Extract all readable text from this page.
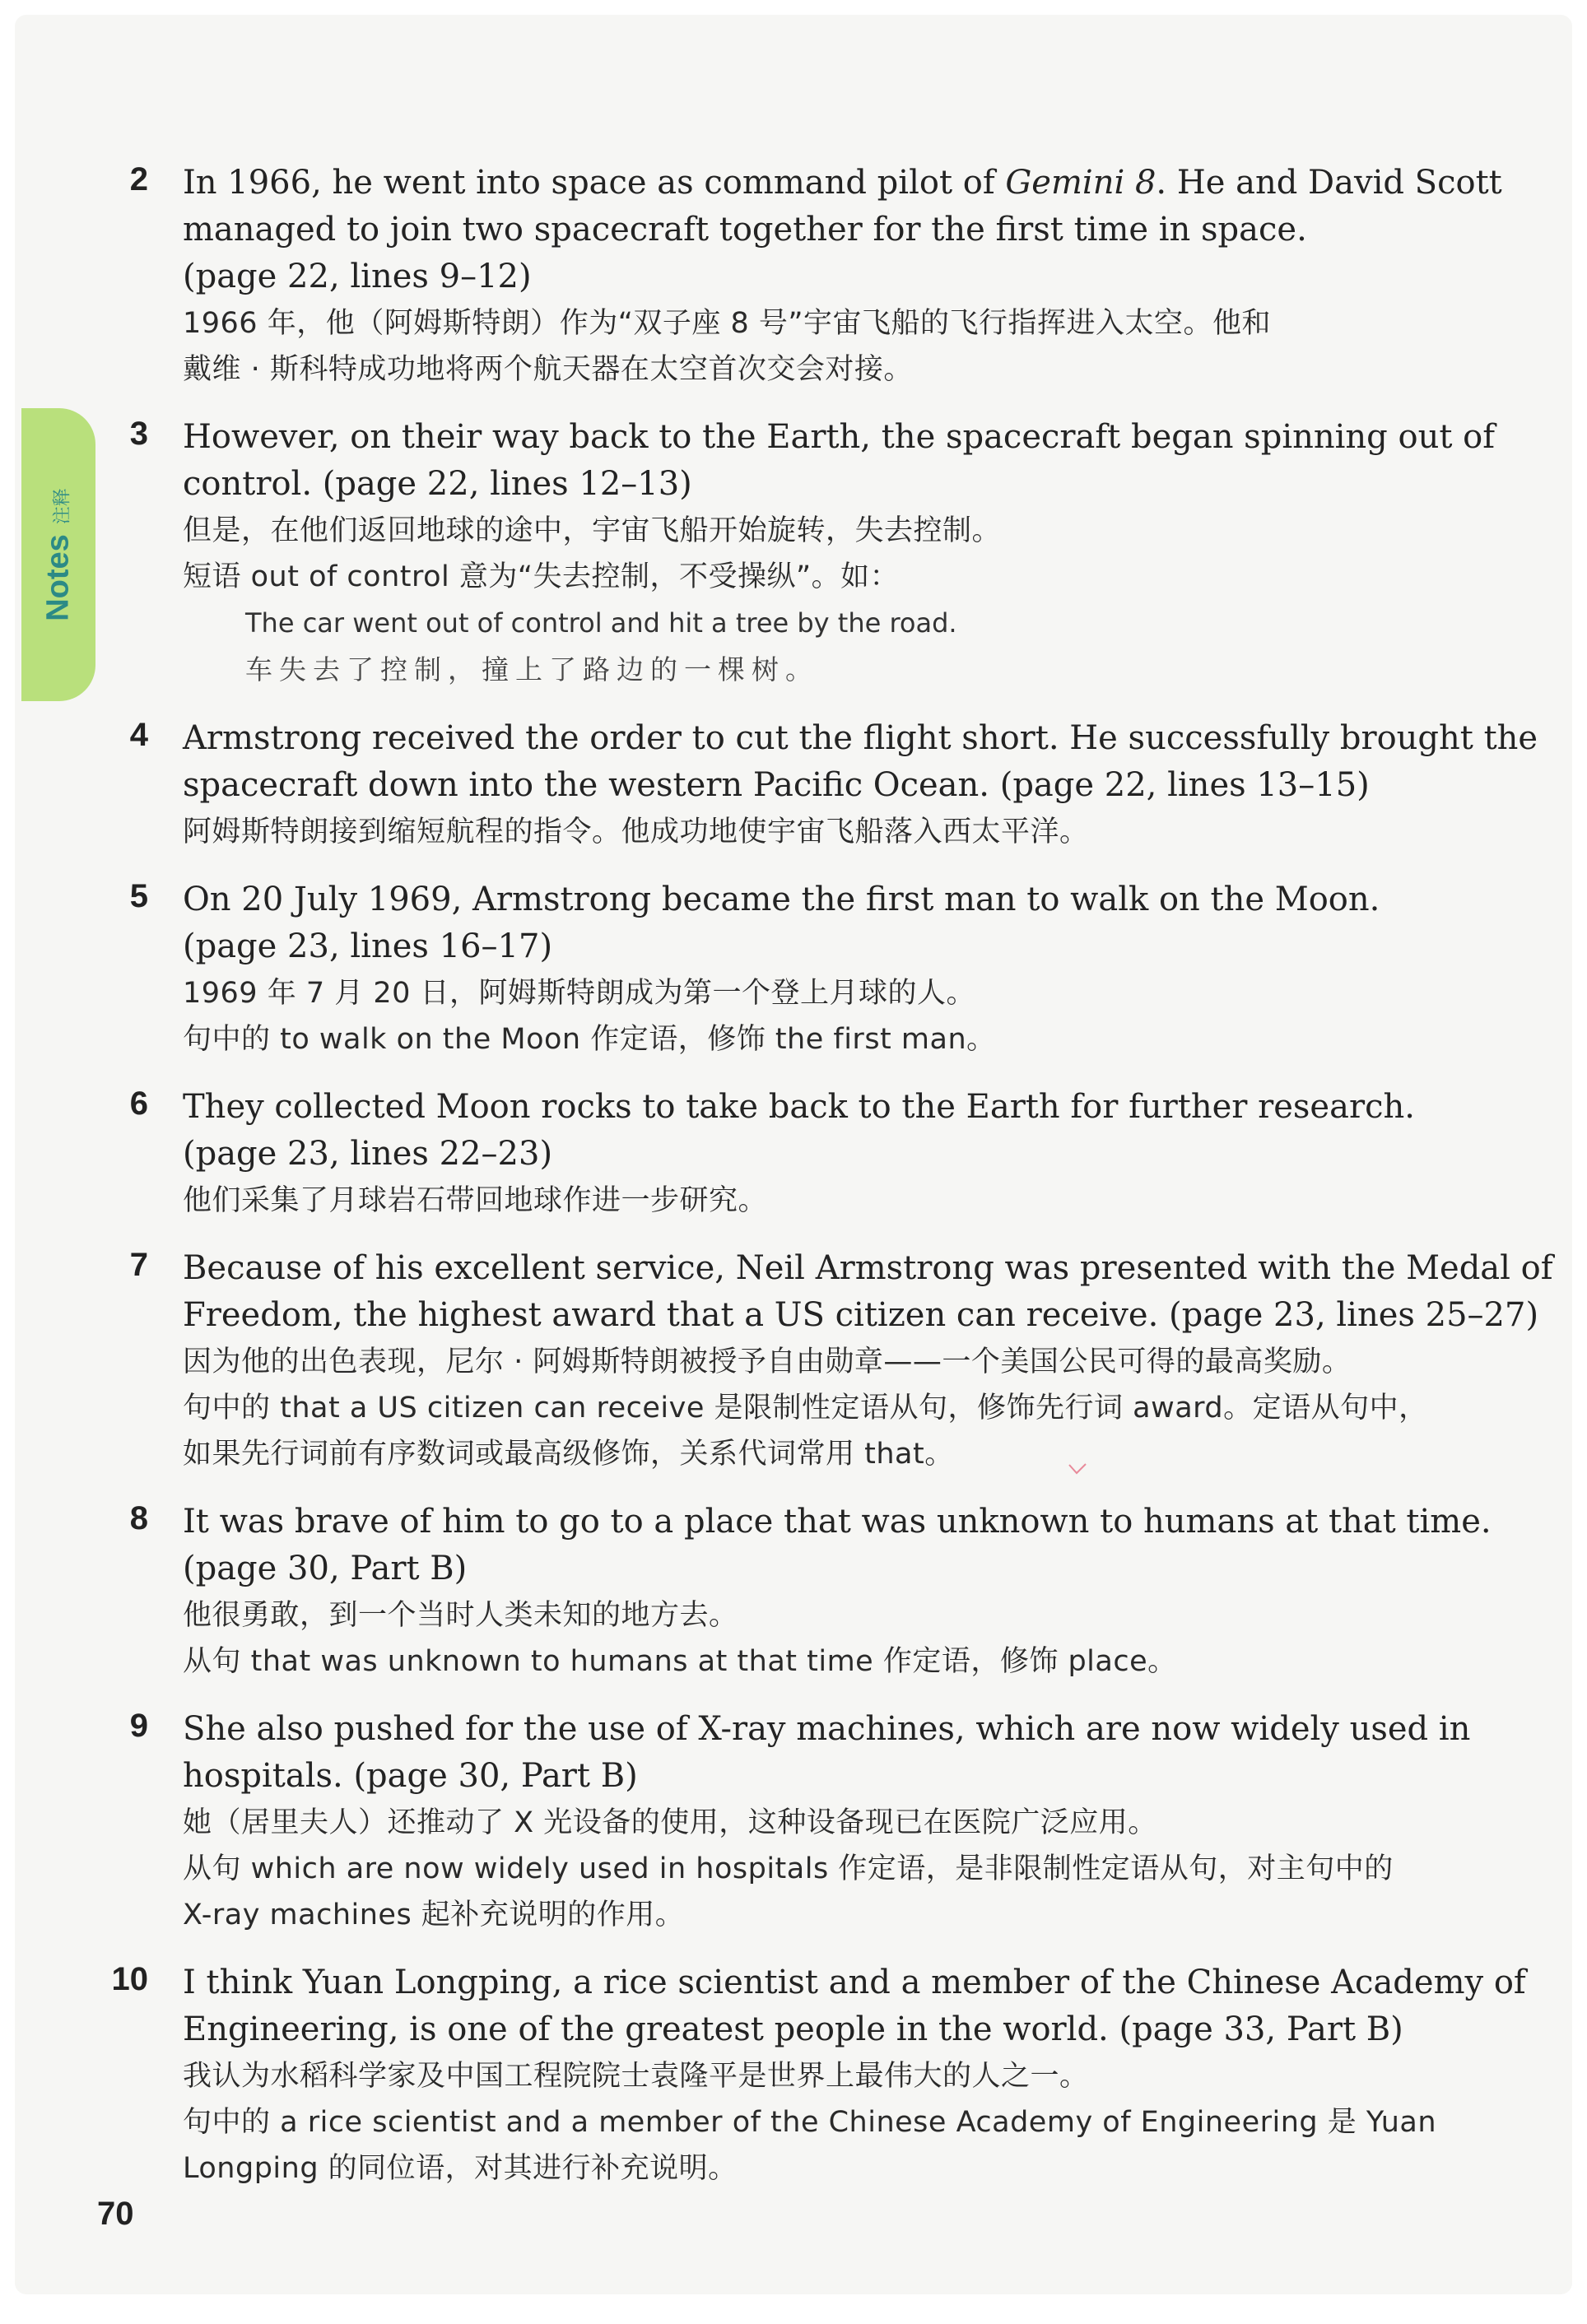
Notes
注释
2 In 1966, he went into space as command pilot of Gemini 8. He and David Scott
managed to join two spacecraft together for the first time in space.
(page 22, lines 9–12)
1966 年，他（阿姆斯特朗）作为“双子座 8 号”宇宙飞船的飞行指挥进入太空。他和
戴维 · 斯科特成功地将两个航天器在太空首次交会对接。
3 However, on their way back to the Earth, the spacecraft began spinning out of
control. (page 22, lines 12–13)
但是，在他们返回地球的途中，宇宙飞船开始旋转，失去控制。
短语 out of control 意为“失去控制，不受操纵”。如：
The car went out of control and hit a tree by the road.
车失去了控制，撞上了路边的一棵树。
4 Armstrong received the order to cut the flight short. He successfully brought the
spacecraft down into the western Pacific Ocean. (page 22, lines 13–15)
阿姆斯特朗接到缩短航程的指令。他成功地使宇宙飞船落入西太平洋。
5 On 20 July 1969, Armstrong became the first man to walk on the Moon.
(page 23, lines 16–17)
1969 年 7 月 20 日，阿姆斯特朗成为第一个登上月球的人。
句中的 to walk on the Moon 作定语，修饰 the first man。
6 They collected Moon rocks to take back to the Earth for further research.
(page 23, lines 22–23)
他们采集了月球岩石带回地球作进一步研究。
7 Because of his excellent service, Neil Armstrong was presented with the Medal of
Freedom, the highest award that a US citizen can receive. (page 23, lines 25–27)
因为他的出色表现，尼尔 · 阿姆斯特朗被授予自由勋章——一个美国公民可得的最高奖励。
句中的 that a US citizen can receive 是限制性定语从句，修饰先行词 award。定语从句中，
如果先行词前有序数词或最高级修饰，关系代词常用 that。
8 It was brave of him to go to a place that was unknown to humans at that time.
(page 30, Part B)
他很勇敢，到一个当时人类未知的地方去。
从句 that was unknown to humans at that time 作定语，修饰 place。
9 She also pushed for the use of X-ray machines, which are now widely used in
hospitals. (page 30, Part B)
她（居里夫人）还推动了 X 光设备的使用，这种设备现已在医院广泛应用。
从句 which are now widely used in hospitals 作定语，是非限制性定语从句，对主句中的
X-ray machines 起补充说明的作用。
10 I think Yuan Longping, a rice scientist and a member of the Chinese Academy of
Engineering, is one of the greatest people in the world. (page 33, Part B)
我认为水稻科学家及中国工程院院士袁隆平是世界上最伟大的人之一。
句中的 a rice scientist and a member of the Chinese Academy of Engineering 是 Yuan
Longping 的同位语，对其进行补充说明。
70
